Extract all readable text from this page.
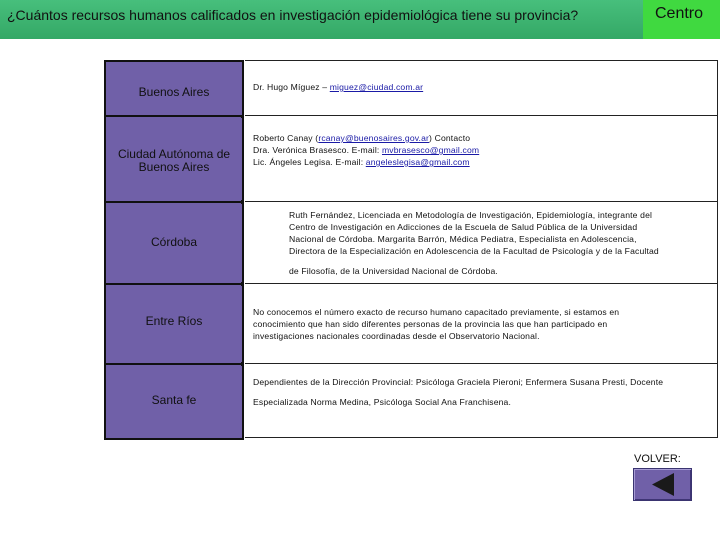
¿Cuántos recursos humanos calificados en investigación epidemiológica tiene su provincia?	Centro
Buenos Aires	Dr. Hugo Míguez – miguez@ciudad.com.ar
Ciudad Autónoma de
Buenos Aires
Roberto Canay (rcanay@buenosaires.gov.ar) Contacto
Dra. Verónica Brasesco. E-mail: mvbrasesco@gmail.com
Lic. Ángeles Legisa. E-mail: angeleslegisa@gmail.com
Córdoba
Ruth Fernández, Licenciada en Metodología de Investigación, Epidemiología, integrante del
Centro de Investigación en Adicciones de la Escuela de Salud Pública de la Universidad
Nacional de Córdoba. Margarita Barrón, Médica Pediatra, Especialista en Adolescencia,
Directora de la Especialización en Adolescencia de la Facultad de Psicología y de la Facultad
de Filosofía, de la Universidad Nacional de Córdoba.
Entre Ríos
No conocemos el número exacto de recurso humano capacitado previamente, si estamos en
conocimiento que han sido diferentes personas de la provincia las que han participado en
investigaciones nacionales coordinadas desde el Observatorio Nacional.
Santa fe
Dependientes de la Dirección Provincial: Psicóloga Graciela Pieroni; Enfermera Susana Presti, Docente
Especializada Norma Medina, Psicóloga Social Ana Franchisena.
VOLVER:
